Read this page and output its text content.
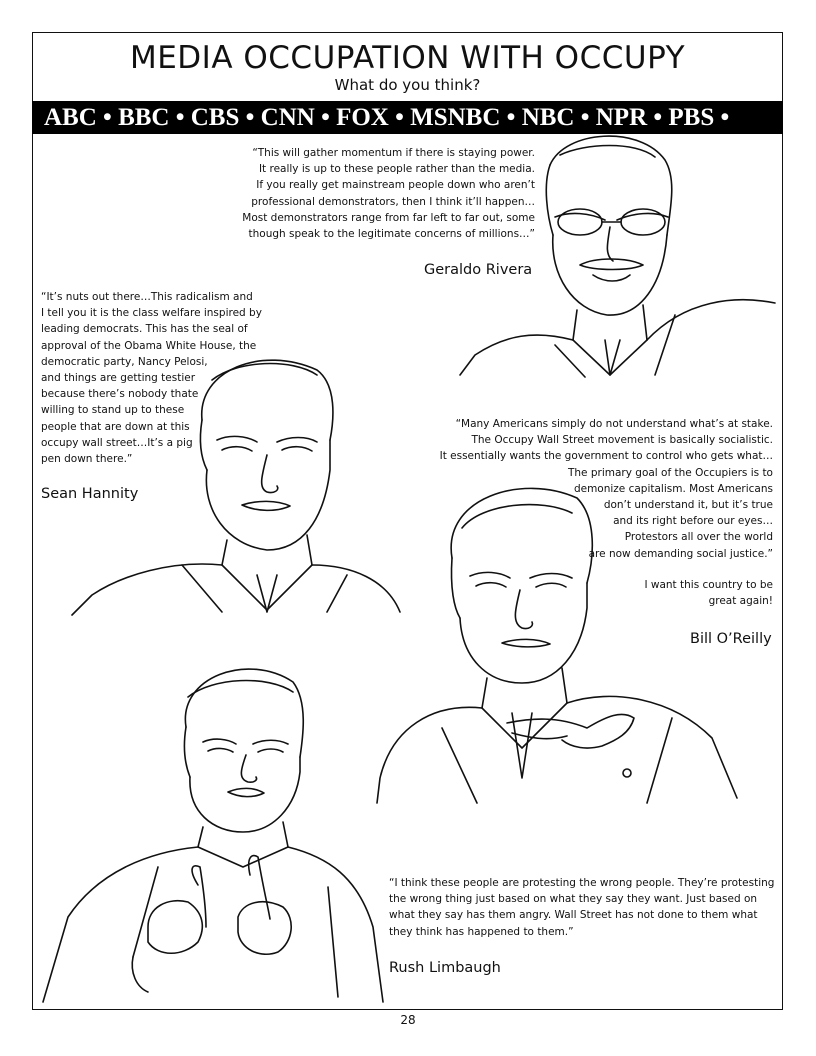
MEDIA OCCUPATION WITH OCCUPY
What do you think?
ABC • BBC • CBS • CNN • FOX • MSNBC • NBC • NPR • PBS •
“This will gather momentum if there is staying power.
It really is up to these people rather than the media.
If you really get mainstream people down who aren’t
professional demonstrators, then I think it’ll happen…
Most demonstrators range from far left to far out, some
though speak to the legitimate concerns of millions…”
Geraldo Rivera
“It’s nuts out there…This radicalism and
I tell you it is the class welfare inspired by
leading democrats. This has the seal of
approval of the Obama White House, the
democratic party, Nancy Pelosi,
and things are getting testier
because there’s nobody thate
willing to stand up to these
people that are down at this
occupy wall street…It’s a pig
pen down there.”
Sean Hannity
“Many Americans simply do not understand what’s at stake.
The Occupy Wall Street movement is basically socialistic.
It essentially wants the government to control who gets what…
The primary goal of the Occupiers is to
demonize capitalism. Most Americans
don’t understand it, but it’s true
and its right before our eyes…
Protestors all over the world
are now demanding social justice.”
I want this country to be
great again!
Bill O’Reilly
“I think these people are protesting the wrong people. They’re protesting
the wrong thing just based on what they say they want. Just based on
what they say has them angry. Wall Street has not done to them what
they think has happened to them.”
Rush Limbaugh
28
